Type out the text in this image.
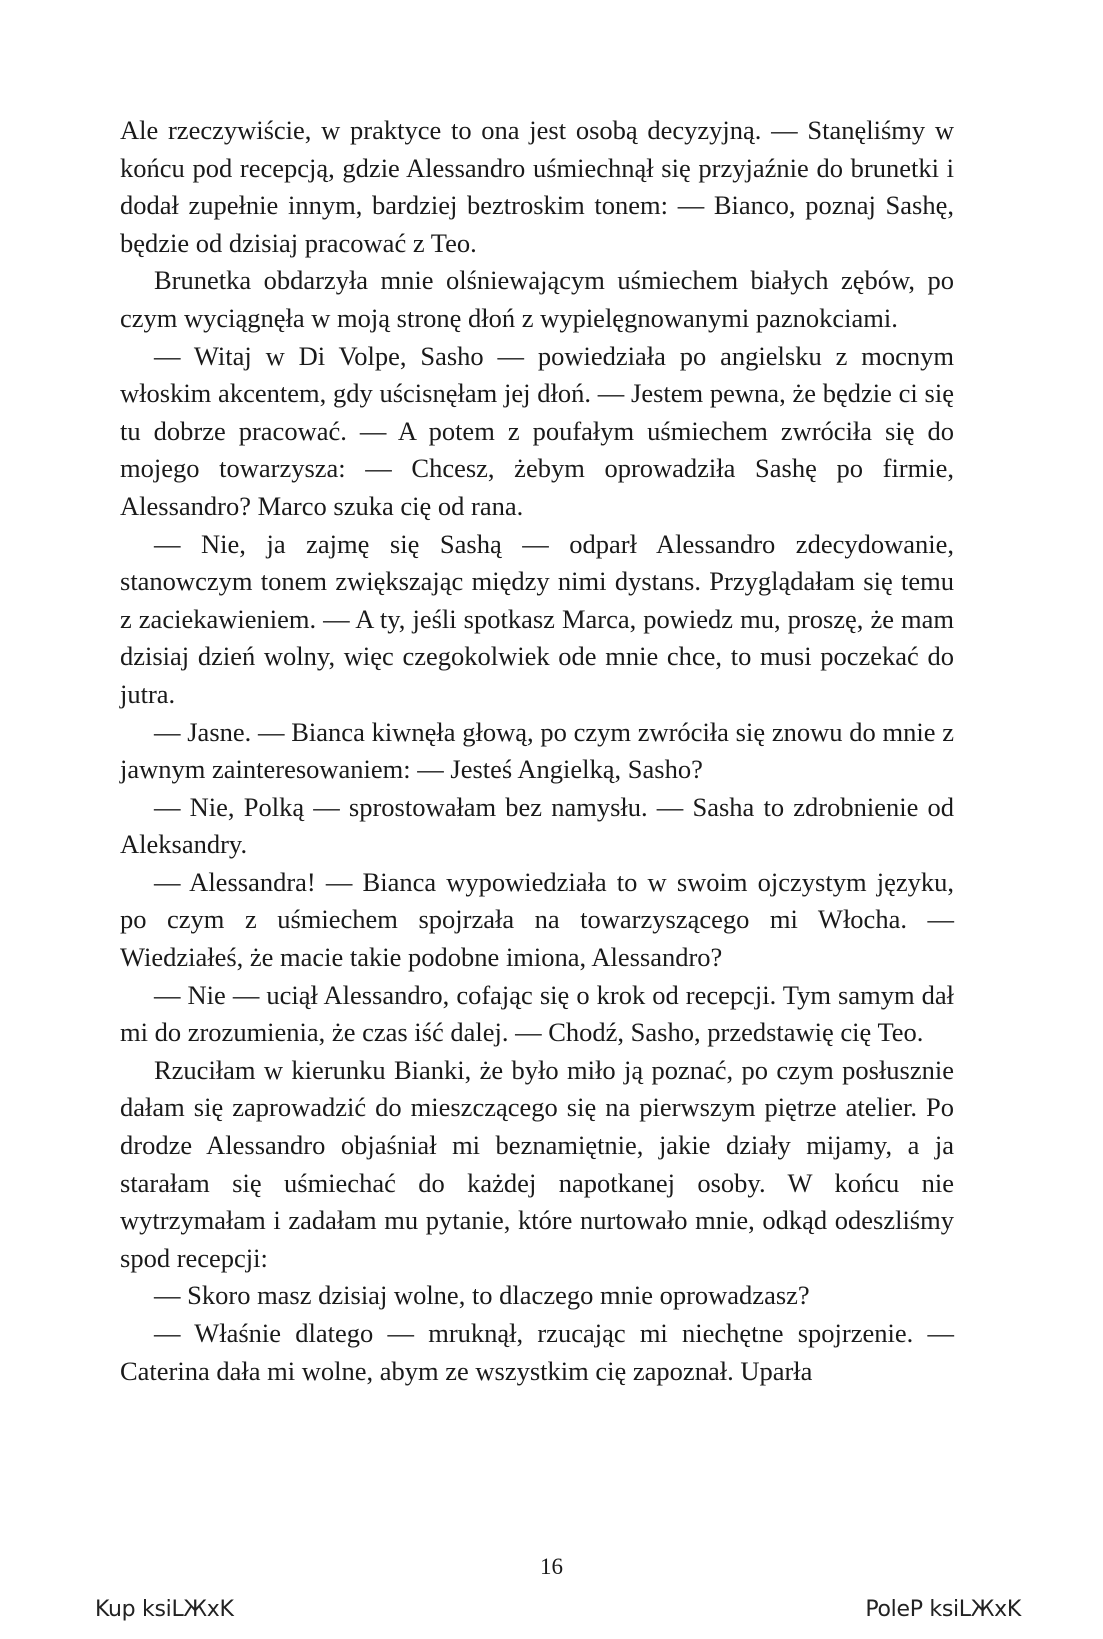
Ale rzeczywiście, w praktyce to ona jest osobą decyzyjną. — Stanęliśmy w końcu pod recepcją, gdzie Alessandro uśmiechnął się przyjaźnie do brunetki i dodał zupełnie innym, bardziej beztroskim tonem: — Bianco, poznaj Sashę, będzie od dzisiaj pracować z Teo.

Brunetka obdarzyła mnie olśniewającym uśmiechem białych zębów, po czym wyciągnęła w moją stronę dłoń z wypielęgnowanymi paznokciami.

— Witaj w Di Volpe, Sasho — powiedziała po angielsku z mocnym włoskim akcentem, gdy uścisnęłam jej dłoń. — Jestem pewna, że będzie ci się tu dobrze pracować. — A potem z poufałym uśmiechem zwróciła się do mojego towarzysza: — Chcesz, żebym oprowadziła Sashę po firmie, Alessandro? Marco szuka cię od rana.

— Nie, ja zajmę się Sashą — odparł Alessandro zdecydowanie, stanowczym tonem zwiększając między nimi dystans. Przyglądałam się temu z zaciekawieniem. — A ty, jeśli spotkasz Marca, powiedz mu, proszę, że mam dzisiaj dzień wolny, więc czegokolwiek ode mnie chce, to musi poczekać do jutra.

— Jasne. — Bianca kiwnęła głową, po czym zwróciła się znowu do mnie z jawnym zainteresowaniem: — Jesteś Angielką, Sasho?

— Nie, Polką — sprostowałam bez namysłu. — Sasha to zdrobnienie od Aleksandry.

— Alessandra! — Bianca wypowiedziała to w swoim ojczystym języku, po czym z uśmiechem spojrzała na towarzyszącego mi Włocha. — Wiedziałeś, że macie takie podobne imiona, Alessandro?

— Nie — uciął Alessandro, cofając się o krok od recepcji. Tym samym dał mi do zrozumienia, że czas iść dalej. — Chodź, Sasho, przedstawię cię Teo.

Rzuciłam w kierunku Bianki, że było miło ją poznać, po czym posłusznie dałam się zaprowadzić do mieszczącego się na pierwszym piętrze atelier. Po drodze Alessandro objaśniał mi beznamiętnie, jakie działy mijamy, a ja starałam się uśmiechać do każdej napotkanej osoby. W końcu nie wytrzymałam i zadałam mu pytanie, które nurtowało mnie, odkąd odeszliśmy spod recepcji:

— Skoro masz dzisiaj wolne, to dlaczego mnie oprowadzasz?

— Właśnie dlatego — mruknął, rzucając mi niechętne spojrzenie. — Caterina dała mi wolne, abym ze wszystkim cię zapoznał. Uparła

16
Kup ksiLЖxK	PoleP ksiLЖxK
